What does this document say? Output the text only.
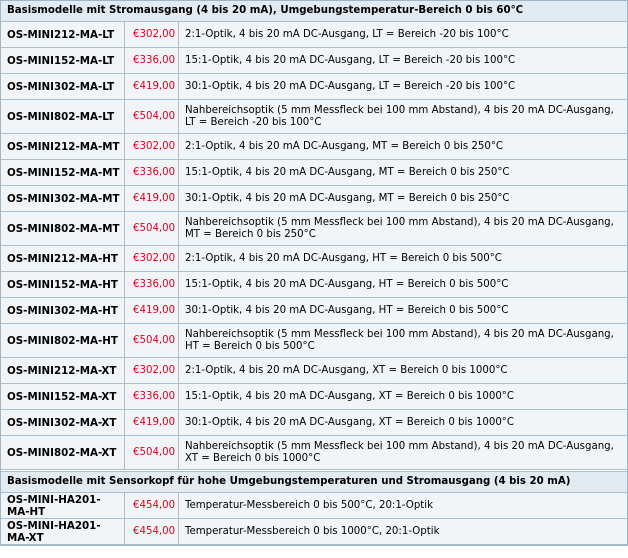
Basismodelle mit Stromausgang (4 bis 20 mA), Umgebungstemperatur-Bereich 0 bis 60°C		
OS-MINI212-MA-LT	€302,00	2:1-Optik, 4 bis 20 mA DC-Ausgang, LT = Bereich -20 bis 100°C
OS-MINI152-MA-LT	€336,00	15:1-Optik, 4 bis 20 mA DC-Ausgang, LT = Bereich -20 bis 100°C
OS-MINI302-MA-LT	€419,00	30:1-Optik, 4 bis 20 mA DC-Ausgang, LT = Bereich -20 bis 100°C
OS-MINI802-MA-LT	€504,00	Nahbereichsoptik (5 mm Messfleck bei 100 mm Abstand), 4 bis 20 mA DC-Ausgang, LT = Bereich -20 bis 100°C
OS-MINI212-MA-MT	€302,00	2:1-Optik, 4 bis 20 mA DC-Ausgang, MT = Bereich 0 bis 250°C
OS-MINI152-MA-MT	€336,00	15:1-Optik, 4 bis 20 mA DC-Ausgang, MT = Bereich 0 bis 250°C
OS-MINI302-MA-MT	€419,00	30:1-Optik, 4 bis 20 mA DC-Ausgang, MT = Bereich 0 bis 250°C
OS-MINI802-MA-MT	€504,00	Nahbereichsoptik (5 mm Messfleck bei 100 mm Abstand), 4 bis 20 mA DC-Ausgang, MT = Bereich 0 bis 250°C
OS-MINI212-MA-HT	€302,00	2:1-Optik, 4 bis 20 mA DC-Ausgang, HT = Bereich 0 bis 500°C
OS-MINI152-MA-HT	€336,00	15:1-Optik, 4 bis 20 mA DC-Ausgang, HT = Bereich 0 bis 500°C
OS-MINI302-MA-HT	€419,00	30:1-Optik, 4 bis 20 mA DC-Ausgang, HT = Bereich 0 bis 500°C
OS-MINI802-MA-HT	€504,00	Nahbereichsoptik (5 mm Messfleck bei 100 mm Abstand), 4 bis 20 mA DC-Ausgang, HT = Bereich 0 bis 500°C
OS-MINI212-MA-XT	€302,00	2:1-Optik, 4 bis 20 mA DC-Ausgang, XT = Bereich 0 bis 1000°C
OS-MINI152-MA-XT	€336,00	15:1-Optik, 4 bis 20 mA DC-Ausgang, XT = Bereich 0 bis 1000°C
OS-MINI302-MA-XT	€419,00	30:1-Optik, 4 bis 20 mA DC-Ausgang, XT = Bereich 0 bis 1000°C
OS-MINI802-MA-XT	€504,00	Nahbereichsoptik (5 mm Messfleck bei 100 mm Abstand), 4 bis 20 mA DC-Ausgang, XT = Bereich 0 bis 1000°C

Basismodelle mit Sensorkopf für hohe Umgebungstemperaturen und Stromausgang (4 bis 20 mA)		
OS-MINI-HA201-MA-HT	€454,00	Temperatur-Messbereich 0 bis 500°C, 20:1-Optik
OS-MINI-HA201-MA-XT	€454,00	Temperatur-Messbereich 0 bis 1000°C, 20:1-Optik
